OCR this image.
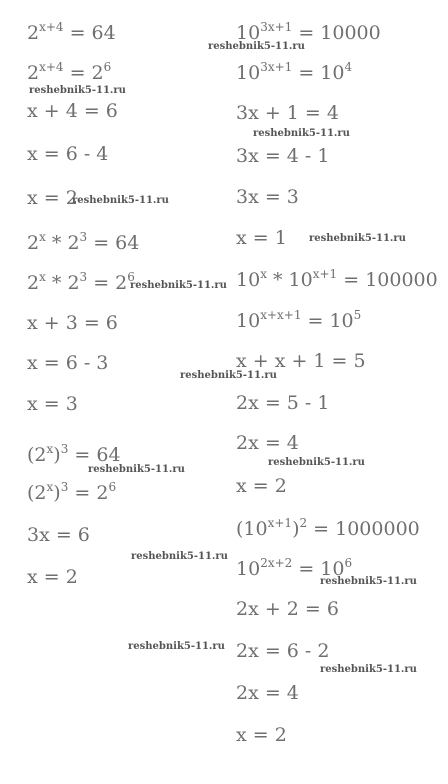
$2^{x+4} = 64$
$2^{x+4} = 2^6$
x + 4 = 6
x = 6 - 4
x = 2
$2^x * 2^3 = 64$
$2^x * 2^3 = 2^6$
x + 3 = 6
x = 6 - 3
x = 3
$(2^x)^3 = 64$
$(2^x)^3 = 2^6$
3x = 6
x = 2
$10^{3x+1} = 10000$
$10^{3x+1} = 10^4$
3x + 1 = 4
3x = 4 - 1
3x = 3
x = 1
$10^x * 10^{x+1} = 100000$
$10^{x+x+1} = 10^5$
x + x + 1 = 5
2x = 5 - 1
2x = 4
x = 2
$(10^{x+1})^2 = 1000000$
$10^{2x+2} = 10^6$
2x + 2 = 6
2x = 6 - 2
2x = 4
x = 2
reshebnik5-11.ru
reshebnik5-11.ru
reshebnik5-11.ru
reshebnik5-11.ru
reshebnik5-11.ru
reshebnik5-11.ru
reshebnik5-11.ru
reshebnik5-11.ru
reshebnik5-11.ru
reshebnik5-11.ru
reshebnik5-11.ru
reshebnik5-11.ru
reshebnik5-11.ru
